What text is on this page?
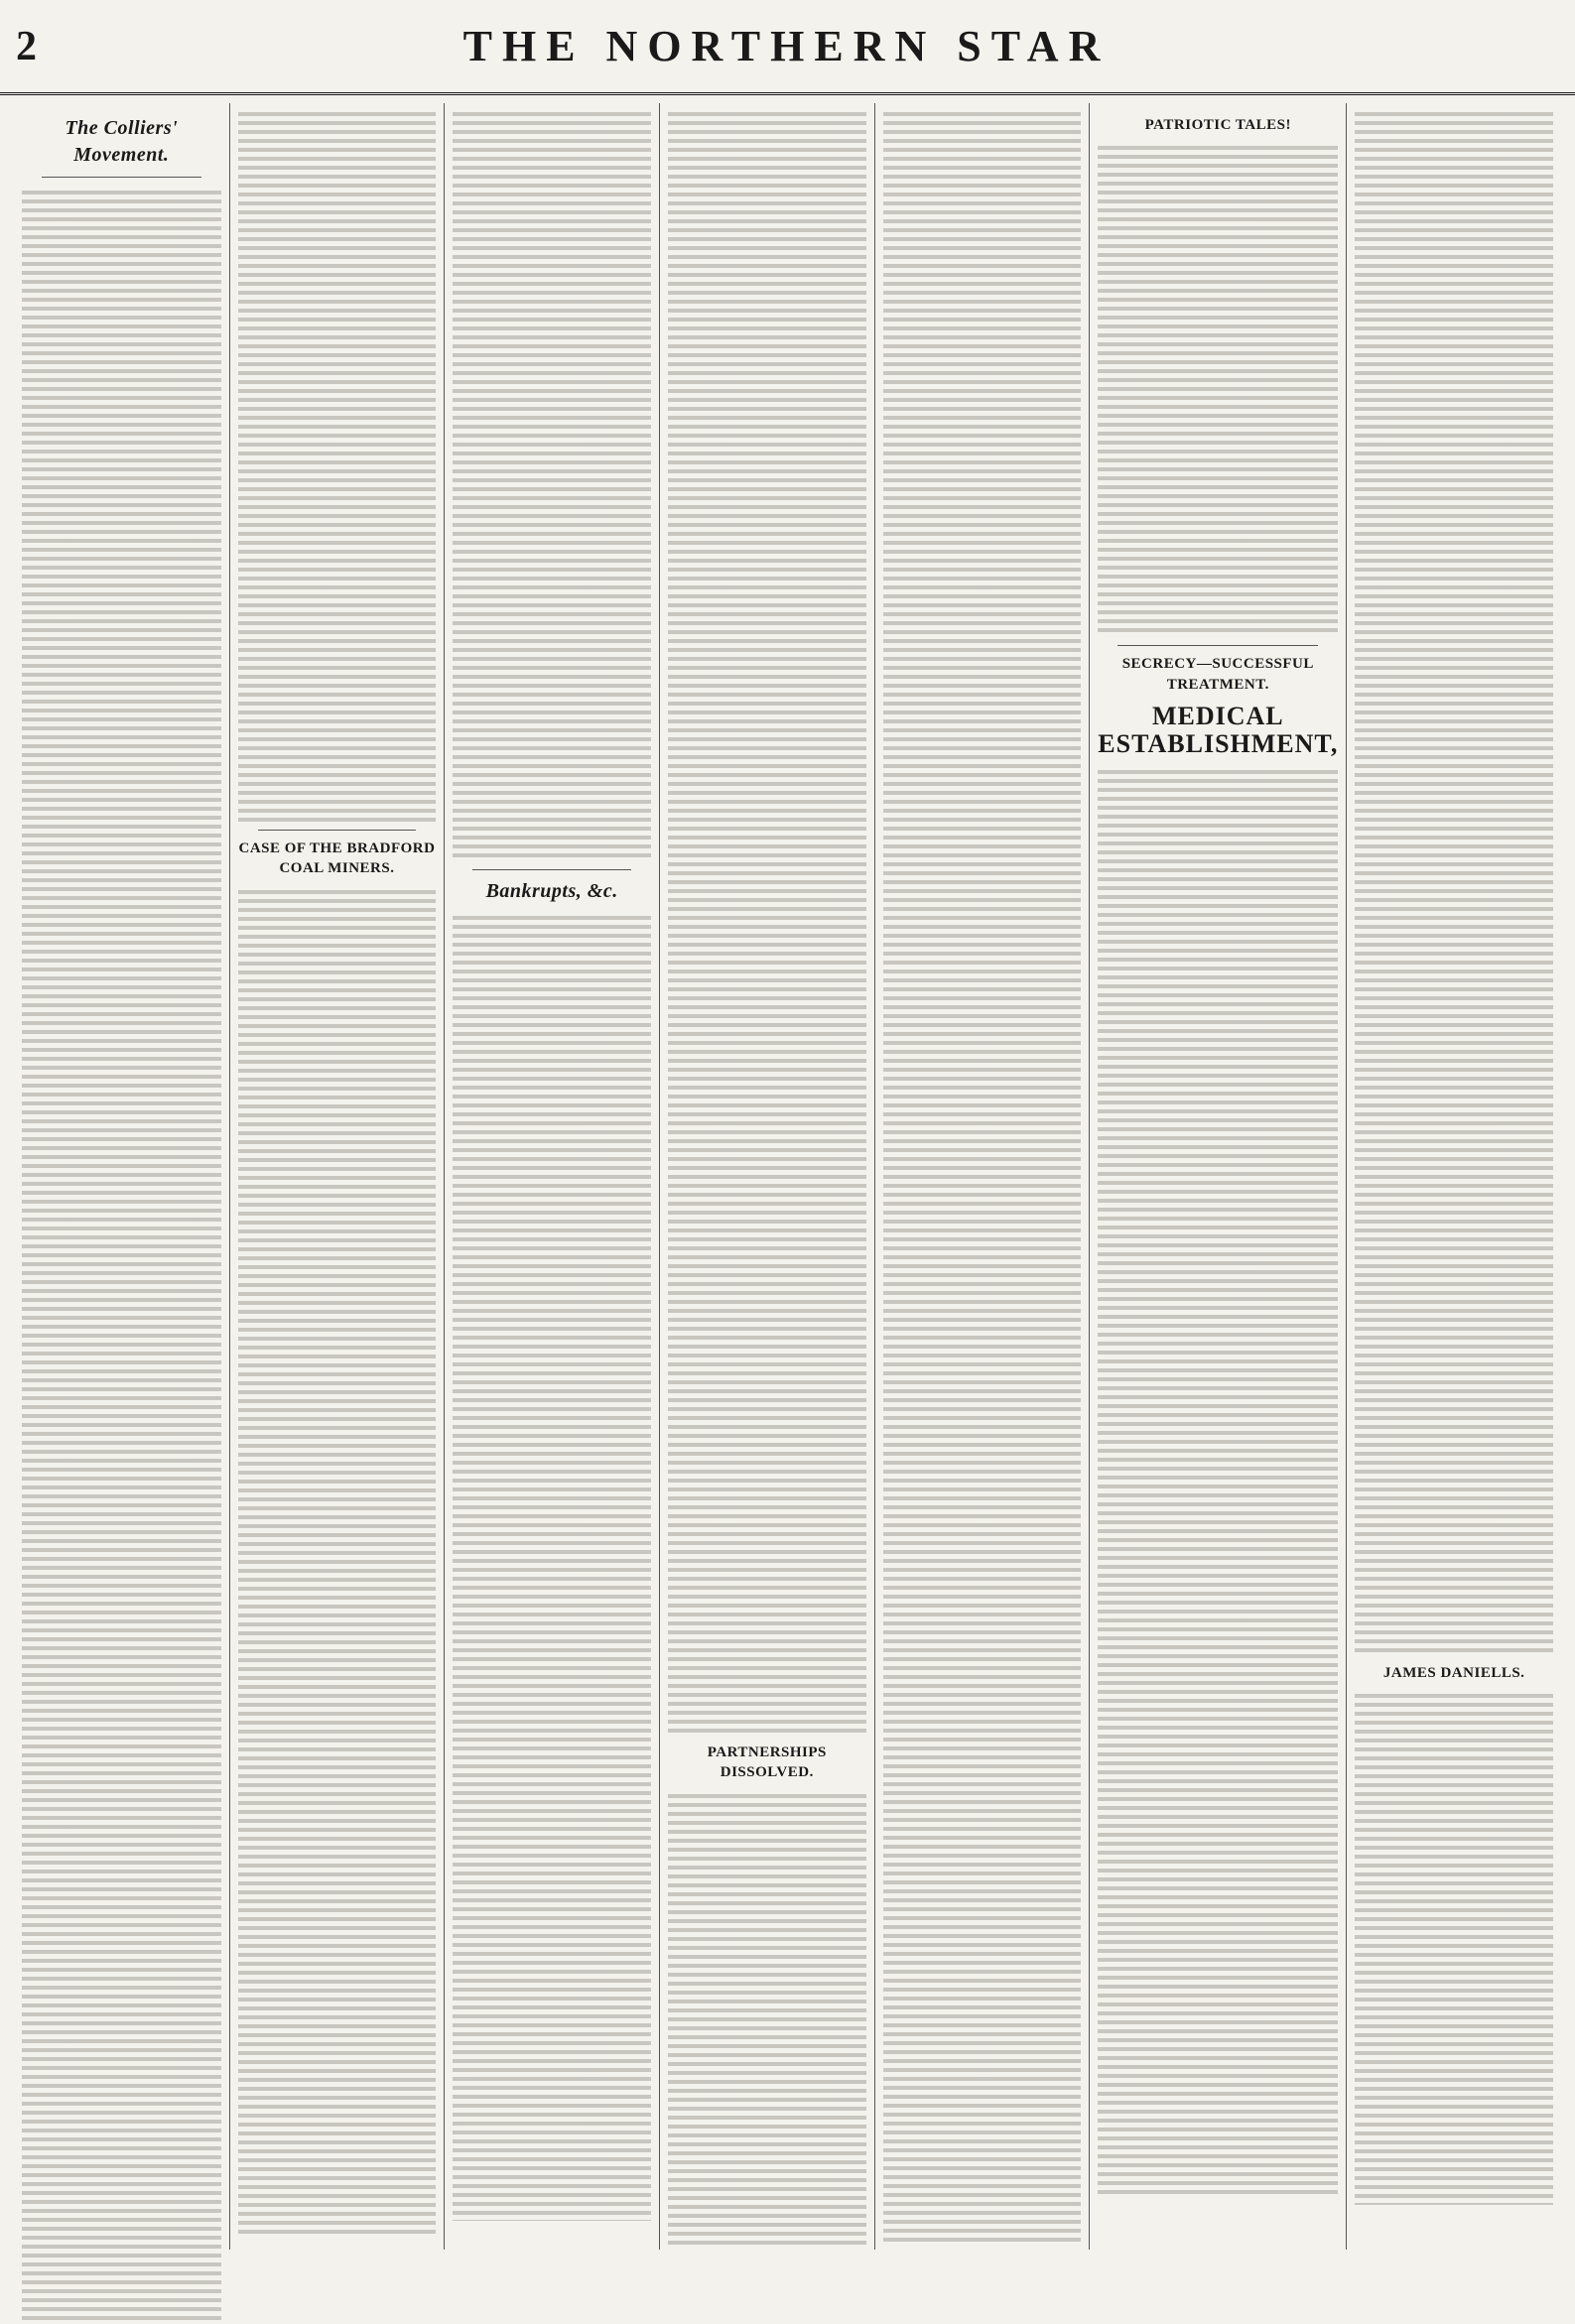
2	THE NORTHERN STAR
The Colliers' Movement.
CASE OF THE BRADFORD COAL MINERS.
Bankrupts, &c.
PARTNERSHIPS DISSOLVED.
PATRIOTIC TALES!
SECRECY—SUCCESSFUL TREATMENT.
MEDICAL ESTABLISHMENT,
JAMES DANIELLS.
